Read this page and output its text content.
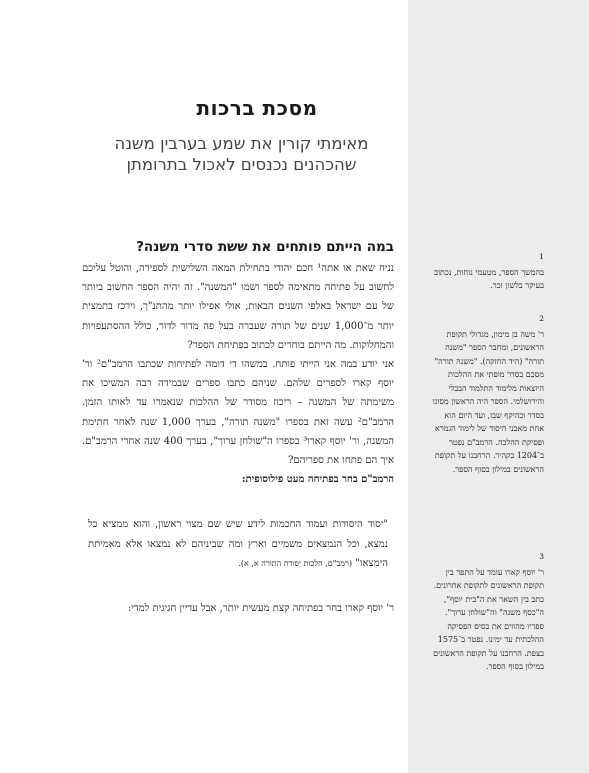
מסכת ברכות
מאימתי קורין את שמע בערבין משנה
שהכהנים נכנסים לאכול בתרומתן
במה הייתם פותחים את ששת סדרי משנה?

נניח שאת או אתה¹ חכם יהודי בתחילת המאה השלישית לספירה, והוטל עליכם לחשוב על פתיחה מתאימה לספר ושמו "המשנה". זה יהיה הספר החשוב ביותר של עם ישראל באלפי השנים הבאות, אולי אפילו יותר מהתנ"ך, וירכז בתמצית יותר מ־1,000 שנים של תורה שעברה בעל פה מדור לדור, כולל ההסתעפויות והמחלוקות. מה הייתם בוחרים לכתוב בפתיחת הספר?

אני יודע במה אני הייתי פותח. במשהו די דומה לפתיחות שכתבו הרמב"ם² ור' יוסף קארו לספרים שלהם. שניהם כתבו ספרים שבמידה רבה המשיכו את משימתה של המשנה – ריכוז מסודר של ההלכות שנאמרו עד לאותו הזמן. הרמב"ם² עשה זאת בספרו "משנה תורה", בערך 1,000 שנה לאחר חתימת המשנה, ור' יוסף קארו³ בספרו ה"שולחן ערוך", בערך 400 שנה אחרי הרמב"ם. איך הם פתחו את ספריהם?

הרמב"ם בחר בפתיחה מעט פילוסופית:

"יסוד היסודות ועמוד החכמות לידע שיש שם מצוי ראשון, והוא ממציא כל נמצא, וכל הנמצאים משמיים וארץ ומה שביניהם לא נמצאו אלא מאמיתת הימצאו" (רמב"ם, הלכות יסודה התורה א, א).

ר' יוסף קארו בחר בפתיחה קצת מעשית יותר, אבל עדיין חגיגית למדי:

1

בהמשך הספר, מטעמי נוחות, נכתוב בעיקר בלשון זכר.

2

ר' משה בן מימון, מגדולי תקופת הראשונים, ומחבר הספר "משנה תורה" (היד החזקה). "משנה תורה" מסכם בסדר מופתי את ההלכות היוצאות מלימוד התלמוד הבבלי והירושלמי. הספר היה הראשון מסוגו בסדר ובהיקף שבו, ועד היום הוא אחת מאבני היסוד של לימוד הגמרא ופסיקת ההלכה. הרמב"ם נפטר ב־1204 בקהיר. הרחבנו על תקופת הראשונים במילון בסוף הספר.

3

ר' יוסף קארו עומד על התפר בין תקופת הראשונים לתקופת אחרונים. כתב בין השאר את ה"בית יוסף", ה"כסף משנה" וה"שולחן ערוך". ספריו מהווים את בסיס הפסיקה ההלכתית עד ימינו. נפטר ב־1575 בצפת. הרחבנו על תקופת הראשונים במילון בסוף הספר.
